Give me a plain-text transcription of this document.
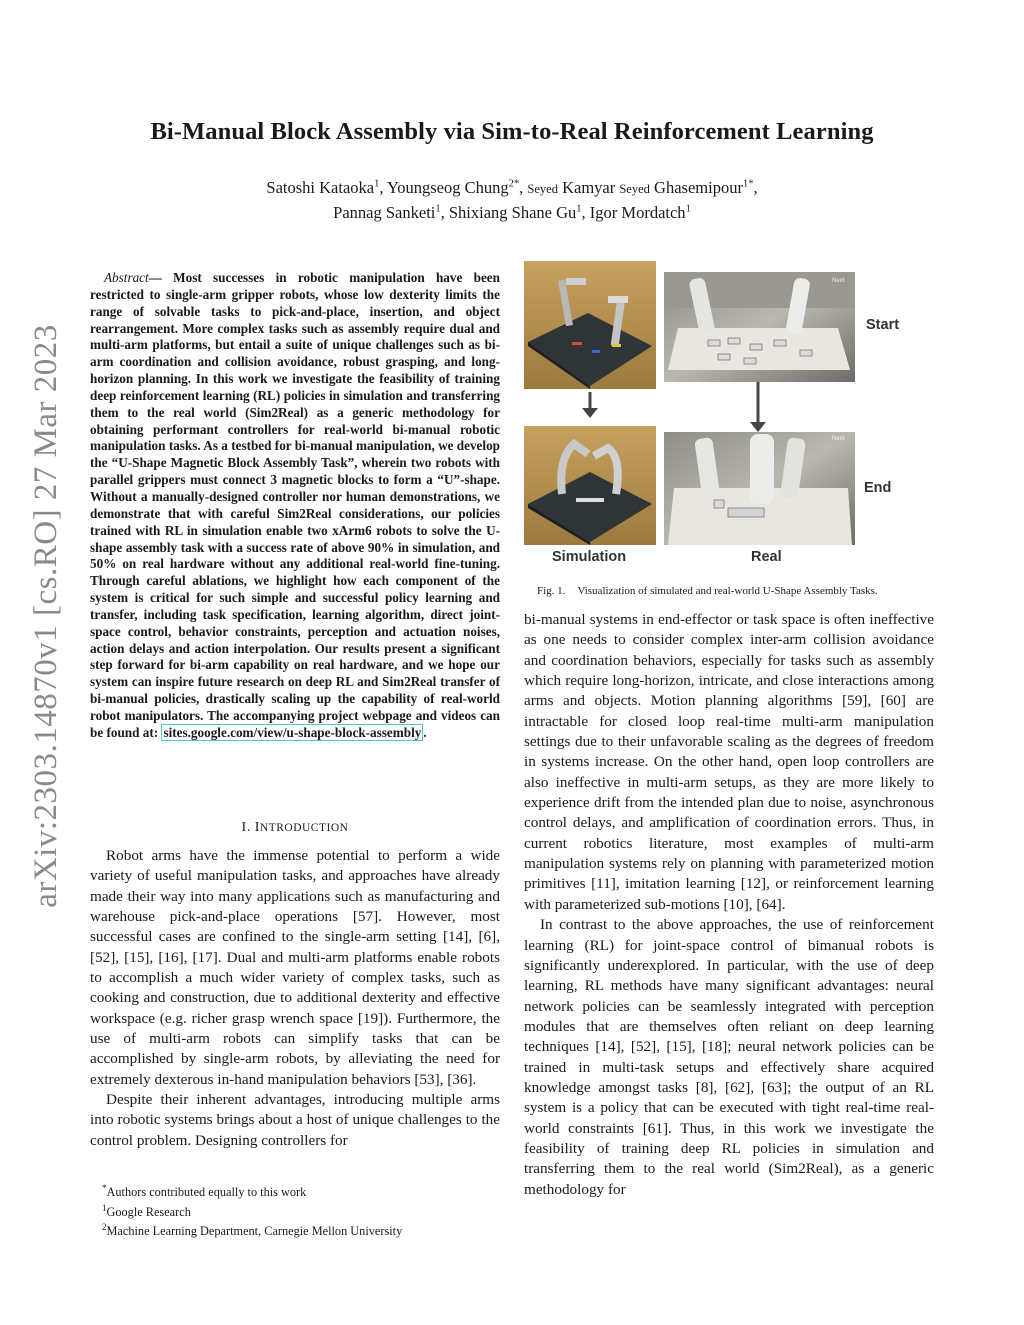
arXiv:2303.14870v1 [cs.RO] 27 Mar 2023
Bi-Manual Block Assembly via Sim-to-Real Reinforcement Learning
Satoshi Kataoka$^1$, Youngseog Chung$^{2*}$, Seyed Kamyar Seyed Ghasemipour$^{1*}$,
Pannag Sanketi$^1$, Shixiang Shane Gu$^1$, Igor Mordatch$^1$
Abstract— Most successes in robotic manipulation have been restricted to single-arm gripper robots, whose low dexterity limits the range of solvable tasks to pick-and-place, insertion, and object rearrangement. More complex tasks such as assembly require dual and multi-arm platforms, but entail a suite of unique challenges such as bi-arm coordination and collision avoidance, robust grasping, and long-horizon planning. In this work we investigate the feasibility of training deep reinforcement learning (RL) policies in simulation and transferring them to the real world (Sim2Real) as a generic methodology for obtaining performant controllers for real-world bi-manual robotic manipulation tasks. As a testbed for bi-manual manipulation, we develop the “U-Shape Magnetic Block Assembly Task”, wherein two robots with parallel grippers must connect 3 magnetic blocks to form a “U”-shape. Without a manually-designed controller nor human demonstrations, we demonstrate that with careful Sim2Real considerations, our policies trained with RL in simulation enable two xArm6 robots to solve the U-shape assembly task with a success rate of above 90% in simulation, and 50% on real hardware without any additional real-world fine-tuning. Through careful ablations, we highlight how each component of the system is critical for such simple and successful policy learning and transfer, including task specification, learning algorithm, direct joint-space control, behavior constraints, perception and actuation noises, action delays and action interpolation. Our results present a significant step forward for bi-arm capability on real hardware, and we hope our system can inspire future research on deep RL and Sim2Real transfer of bi-manual policies, drastically scaling up the capability of real-world robot manipulators. The accompanying project webpage and videos can be found at: sites.google.com/view/u-shape-block-assembly .
I. INTRODUCTION

Robot arms have the immense potential to perform a wide variety of useful manipulation tasks, and approaches have already made their way into many applications such as manufacturing and warehouse pick-and-place operations [57]. However, most successful cases are confined to the single-arm setting [14], [6], [52], [15], [16], [17]. Dual and multi-arm platforms enable robots to accomplish a much wider variety of complex tasks, such as cooking and construction, due to additional dexterity and effective workspace (e.g. richer grasp wrench space [19]). Furthermore, the use of multi-arm robots can simplify tasks that can be accomplished by single-arm robots, by alleviating the need for extremely dexterous in-hand manipulation behaviors [53], [36].

Despite their inherent advantages, introducing multiple arms into robotic systems brings about a host of unique challenges to the control problem. Designing controllers for

*Authors contributed equally to this work
$^1$Google Research
$^2$Machine Learning Department, Carnegie Mellon University
Next
Next
Start
End
Simulation	Real
Fig. 1. Visualization of simulated and real-world U-Shape Assembly Tasks.

bi-manual systems in end-effector or task space is often ineffective as one needs to consider complex inter-arm collision avoidance and coordination behaviors, especially for tasks such as assembly which require long-horizon, intricate, and close interactions among arms and objects. Motion planning algorithms [59], [60] are intractable for closed loop real-time multi-arm manipulation settings due to their unfavorable scaling as the degrees of freedom in systems increase. On the other hand, open loop controllers are also ineffective in multi-arm setups, as they are more likely to experience drift from the intended plan due to noise, asynchronous control delays, and amplification of coordination errors. Thus, in current robotics literature, most examples of multi-arm manipulation systems rely on planning with parameterized motion primitives [11], imitation learning [12], or reinforcement learning with parameterized sub-motions [10], [64].

In contrast to the above approaches, the use of reinforcement learning (RL) for joint-space control of bimanual robots is significantly underexplored. In particular, with the use of deep learning, RL methods have many significant advantages: neural network policies can be seamlessly integrated with perception modules that are themselves often reliant on deep learning techniques [14], [52], [15], [18]; neural network policies can be trained in multi-task setups and effectively share acquired knowledge amongst tasks [8], [62], [63]; the output of an RL system is a policy that can be executed with tight real-time real-world constraints [61]. Thus, in this work we investigate the feasibility of training deep RL policies in simulation and transferring them to the real world (Sim2Real), as a generic methodology for
